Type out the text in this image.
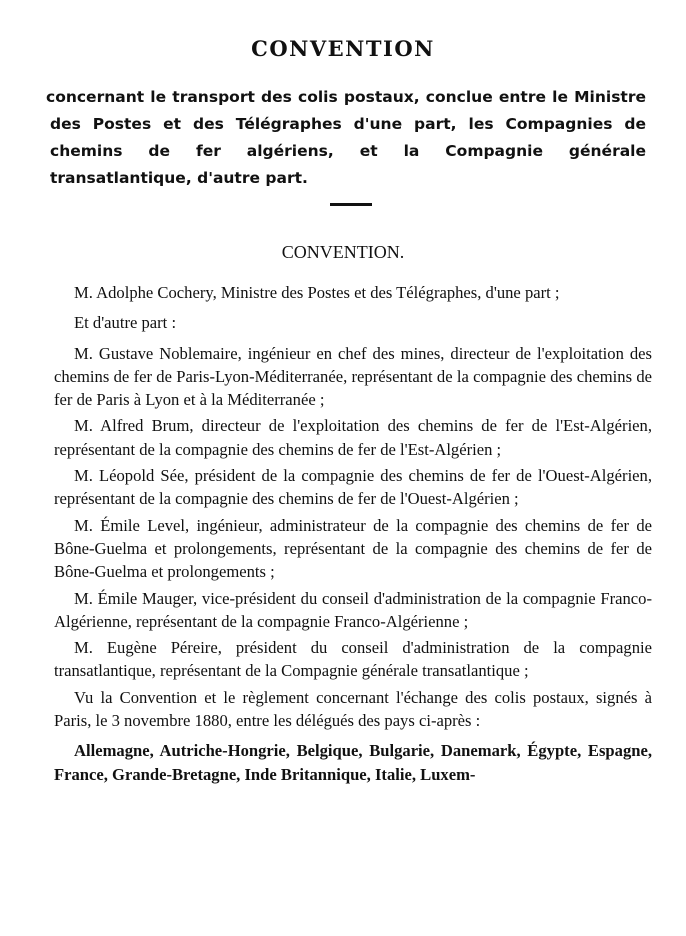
CONVENTION
concernant le transport des colis postaux, conclue entre le Ministre des Postes et des Télégraphes d'une part, les Compagnies de chemins de fer algériens, et la Compagnie générale transatlantique, d'autre part.
CONVENTION.

M. Adolphe Cochery, Ministre des Postes et des Télégraphes, d'une part ;

Et d'autre part :

M. Gustave Noblemaire, ingénieur en chef des mines, directeur de l'exploitation des chemins de fer de Paris-Lyon-Méditerranée, représentant de la compagnie des chemins de fer de Paris à Lyon et à la Méditerranée ;

M. Alfred Brum, directeur de l'exploitation des chemins de fer de l'Est-Algérien, représentant de la compagnie des chemins de fer de l'Est-Algérien ;

M. Léopold Sée, président de la compagnie des chemins de fer de l'Ouest-Algérien, représentant de la compagnie des chemins de fer de l'Ouest-Algérien ;

M. Émile Level, ingénieur, administrateur de la compagnie des chemins de fer de Bône-Guelma et prolongements, représentant de la compagnie des chemins de fer de Bône-Guelma et prolongements ;

M. Émile Mauger, vice-président du conseil d'administration de la compagnie Franco-Algérienne, représentant de la compagnie Franco-Algérienne ;

M. Eugène Péreire, président du conseil d'administration de la compagnie transatlantique, représentant de la Compagnie générale transatlantique ;

Vu la Convention et le règlement concernant l'échange des colis postaux, signés à Paris, le 3 novembre 1880, entre les délégués des pays ci-après :

Allemagne, Autriche-Hongrie, Belgique, Bulgarie, Danemark, Égypte, Espagne, France, Grande-Bretagne, Inde Britannique, Italie, Luxem-
